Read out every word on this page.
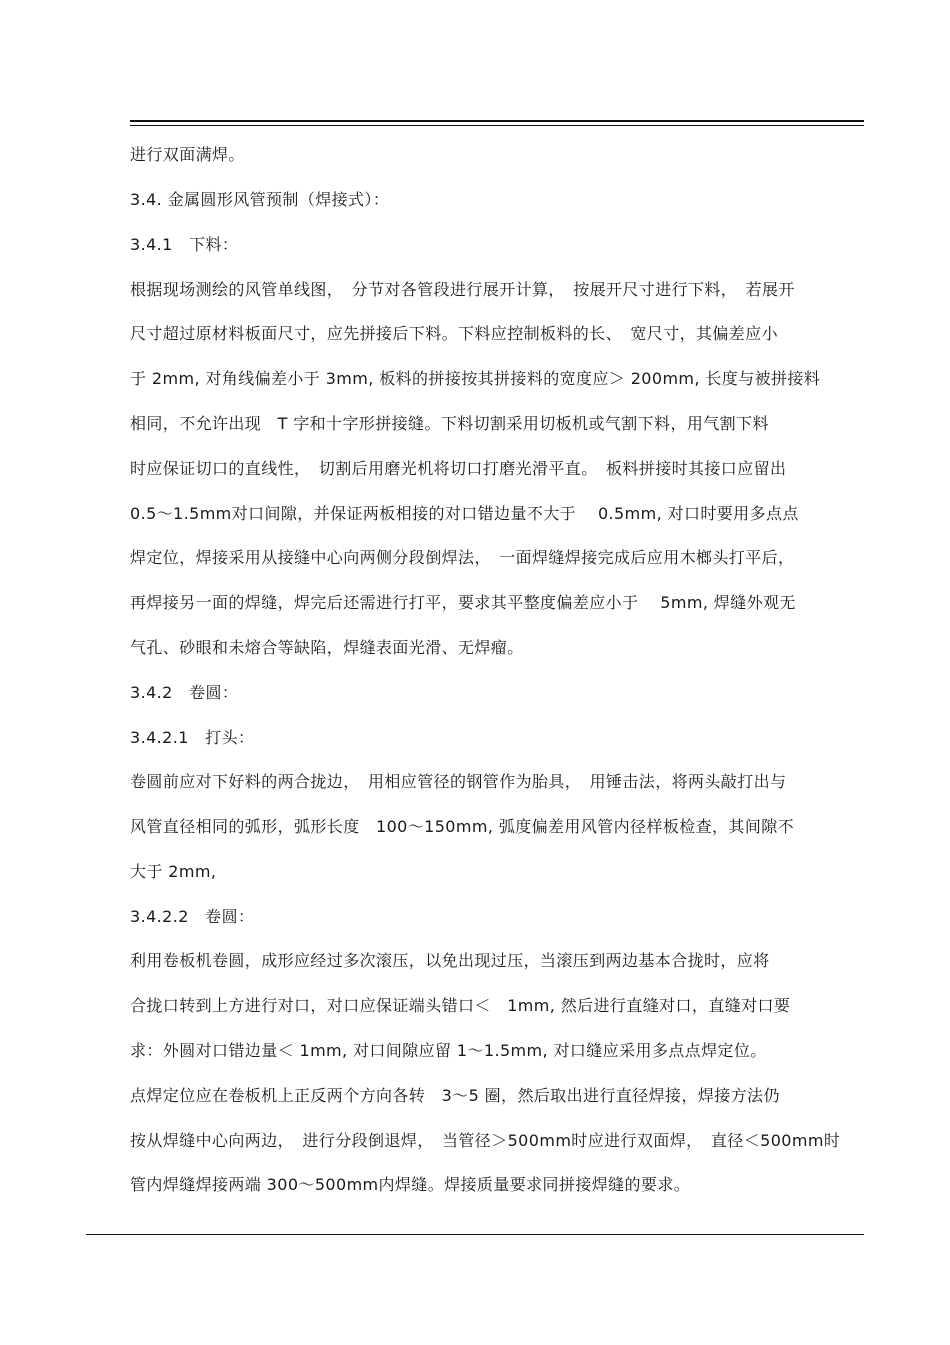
进行双面满焊。
3.4. 金属圆形风管预制（焊接式）：
3.4.1　下料：
根据现场测绘的风管单线图，　分节对各管段进行展开计算，　按展开尺寸进行下料，　若展开
尺寸超过原材料板面尺寸，应先拼接后下料。下料应控制板料的长、　宽尺寸，其偏差应小
于 2mm, 对角线偏差小于 3mm, 板料的拼接按其拼接料的宽度应＞ 200mm, 长度与被拼接料
相同，不允许出现　T 字和十字形拼接缝。下料切割采用切板机或气割下料，用气割下料
时应保证切口的直线性，　切割后用磨光机将切口打磨光滑平直。　板料拼接时其接口应留出
0.5～1.5mm对口间隙，并保证两板相接的对口错边量不大于　 0.5mm, 对口时要用多点点
焊定位，焊接采用从接缝中心向两侧分段倒焊法，　一面焊缝焊接完成后应用木榔头打平后，
再焊接另一面的焊缝，焊完后还需进行打平，要求其平整度偏差应小于　 5mm, 焊缝外观无
气孔、砂眼和未熔合等缺陷，焊缝表面光滑、无焊瘤。
3.4.2　卷圆：
3.4.2.1　打头：
卷圆前应对下好料的两合拢边，　用相应管径的钢管作为胎具，　用锤击法，将两头敲打出与
风管直径相同的弧形，弧形长度　100～150mm, 弧度偏差用风管内径样板检查，其间隙不
大于 2mm,
3.4.2.2　卷圆：
利用卷板机卷圆，成形应经过多次滚压，以免出现过压，当滚压到两边基本合拢时，应将
合拢口转到上方进行对口，对口应保证端头错口＜　1mm, 然后进行直缝对口，直缝对口要
求：外圆对口错边量＜ 1mm, 对口间隙应留 1～1.5mm, 对口缝应采用多点点焊定位。
点焊定位应在卷板机上正反两个方向各转　3～5 圈，然后取出进行直径焊接，焊接方法仍
按从焊缝中心向两边，　进行分段倒退焊，　当管径＞500mm时应进行双面焊，　直径＜500mm时
管内焊缝焊接两端 300～500mm内焊缝。焊接质量要求同拼接焊缝的要求。
